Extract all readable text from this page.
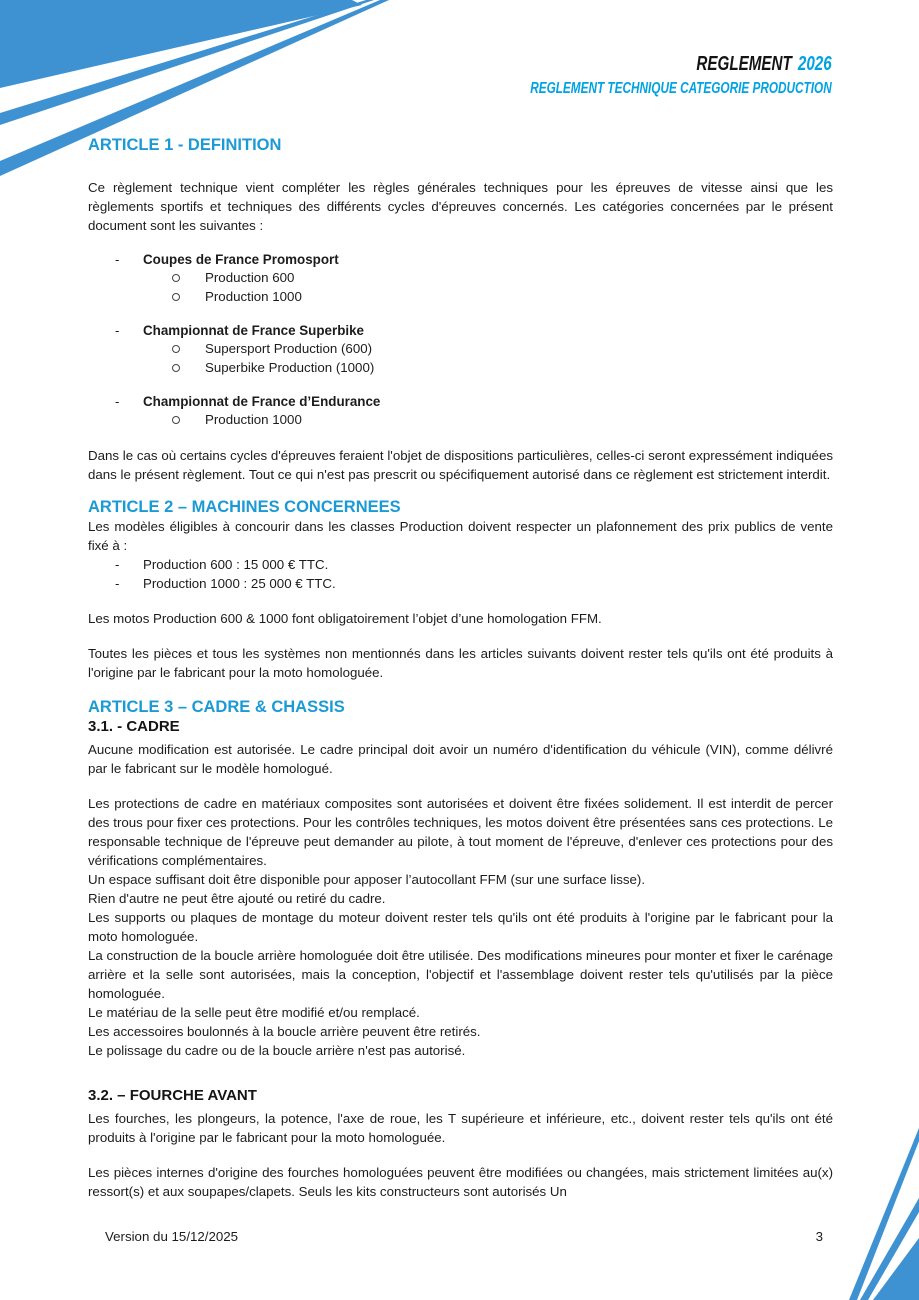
REGLEMENT 2026
REGLEMENT TECHNIQUE CATEGORIE PRODUCTION
ARTICLE 1 - DEFINITION

Ce règlement technique vient compléter les règles générales techniques pour les épreuves de vitesse ainsi que les règlements sportifs et techniques des différents cycles d'épreuves concernés. Les catégories concernées par le présent document sont les suivantes :

-	Coupes de France Promosport
Production 600
Production 1000
-	Championnat de France Superbike
Supersport Production (600)
Superbike Production (1000)
-	Championnat de France d’Endurance
Production 1000

Dans le cas où certains cycles d'épreuves feraient l'objet de dispositions particulières, celles-ci seront expressément indiquées dans le présent règlement. Tout ce qui n'est pas prescrit ou spécifiquement autorisé dans ce règlement est strictement interdit.

ARTICLE 2 – MACHINES CONCERNEES

Les modèles éligibles à concourir dans les classes Production doivent respecter un plafonnement des prix publics de vente fixé à :

-	Production 600 : 15 000 € TTC.
-	Production 1000 : 25 000 € TTC.

Les motos Production 600 & 1000 font obligatoirement l’objet d’une homologation FFM.

Toutes les pièces et tous les systèmes non mentionnés dans les articles suivants doivent rester tels qu'ils ont été produits à l'origine par le fabricant pour la moto homologuée.

ARTICLE 3 – CADRE & CHASSIS
3.1. - CADRE

Aucune modification est autorisée. Le cadre principal doit avoir un numéro d'identification du véhicule (VIN), comme délivré par le fabricant sur le modèle homologué.

Les protections de cadre en matériaux composites sont autorisées et doivent être fixées solidement. Il est interdit de percer des trous pour fixer ces protections. Pour les contrôles techniques, les motos doivent être présentées sans ces protections. Le responsable technique de l'épreuve peut demander au pilote, à tout moment de l'épreuve, d'enlever ces protections pour des vérifications complémentaires.

Un espace suffisant doit être disponible pour apposer l’autocollant FFM (sur une surface lisse).

Rien d'autre ne peut être ajouté ou retiré du cadre.

Les supports ou plaques de montage du moteur doivent rester tels qu'ils ont été produits à l'origine par le fabricant pour la moto homologuée.

La construction de la boucle arrière homologuée doit être utilisée. Des modifications mineures pour monter et fixer le carénage arrière et la selle sont autorisées, mais la conception, l'objectif et l'assemblage doivent rester tels qu'utilisés par la pièce homologuée.

Le matériau de la selle peut être modifié et/ou remplacé.

Les accessoires boulonnés à la boucle arrière peuvent être retirés.

Le polissage du cadre ou de la boucle arrière n'est pas autorisé.

3.2. – FOURCHE AVANT

Les fourches, les plongeurs, la potence, l'axe de roue, les T supérieure et inférieure, etc., doivent rester tels qu'ils ont été produits à l'origine par le fabricant pour la moto homologuée.

Les pièces internes d'origine des fourches homologuées peuvent être modifiées ou changées, mais strictement limitées au(x) ressort(s) et aux soupapes/clapets. Seuls les kits constructeurs sont autorisés Un

Version du 15/12/2025	3
